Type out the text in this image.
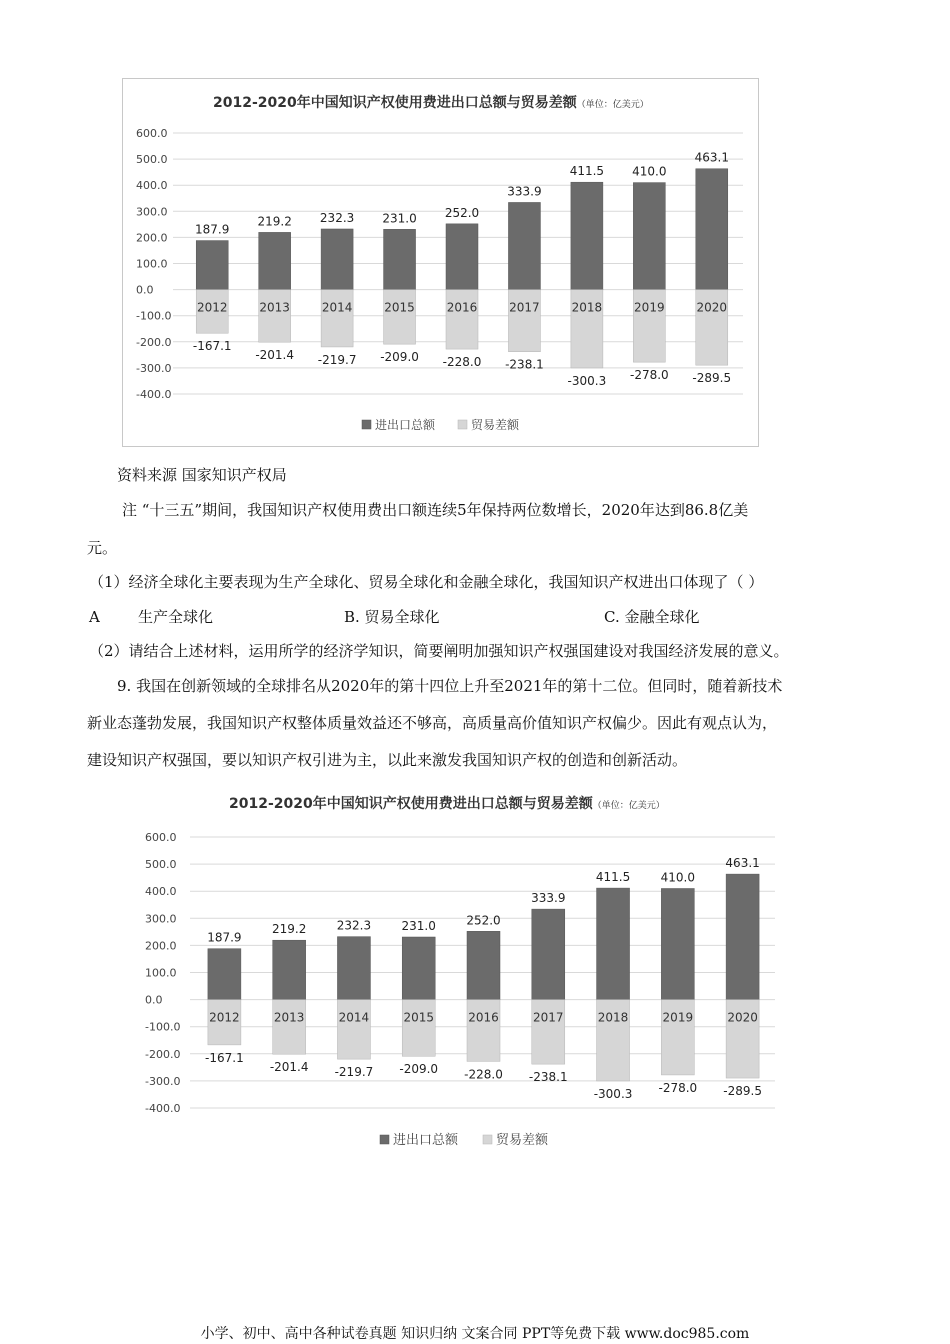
2012-2020年中国知识产权使用费进出口总额与贸易差额（单位：亿美元）
600.0
500.0
400.0
300.0
200.0
100.0
0.0
-100.0
-200.0
-300.0
-400.0
2012
187.9
-167.1
2013
219.2
-201.4
2014
232.3
-219.7
2015
231.0
-209.0
2016
252.0
-228.0
2017
333.9
-238.1
2018
411.5
-300.3
2019
410.0
-278.0
2020
463.1
-289.5
进出口总额	贸易差额
资料来源 国家知识产权局
注 “十三五”期间，我国知识产权使用费出口额连续5年保持两位数增长，2020年达到86.8亿美
元。
（1）经济全球化主要表现为生产全球化、贸易全球化和金融全球化，我国知识产权进出口体现了（ ）
A	生产全球化	B. 贸易全球化	C. 金融全球化
（2）请结合上述材料，运用所学的经济学知识，简要阐明加强知识产权强国建设对我国经济发展的意义。
9. 我国在创新领域的全球排名从2020年的第十四位上升至2021年的第十二位。但同时，随着新技术
新业态蓬勃发展，我国知识产权整体质量效益还不够高，高质量高价值知识产权偏少。因此有观点认为，
建设知识产权强国，要以知识产权引进为主，以此来激发我国知识产权的创造和创新活动。
2012-2020年中国知识产权使用费进出口总额与贸易差额（单位：亿美元）
600.0
500.0
400.0
300.0
200.0
100.0
0.0
-100.0
-200.0
-300.0
-400.0
2012
187.9
-167.1
2013
219.2
-201.4
2014
232.3
-219.7
2015
231.0
-209.0
2016
252.0
-228.0
2017
333.9
-238.1
2018
411.5
-300.3
2019
410.0
-278.0
2020
463.1
-289.5
进出口总额	贸易差额
小学、初中、高中各种试卷真题 知识归纳 文案合同 PPT等免费下载 www.doc985.com
